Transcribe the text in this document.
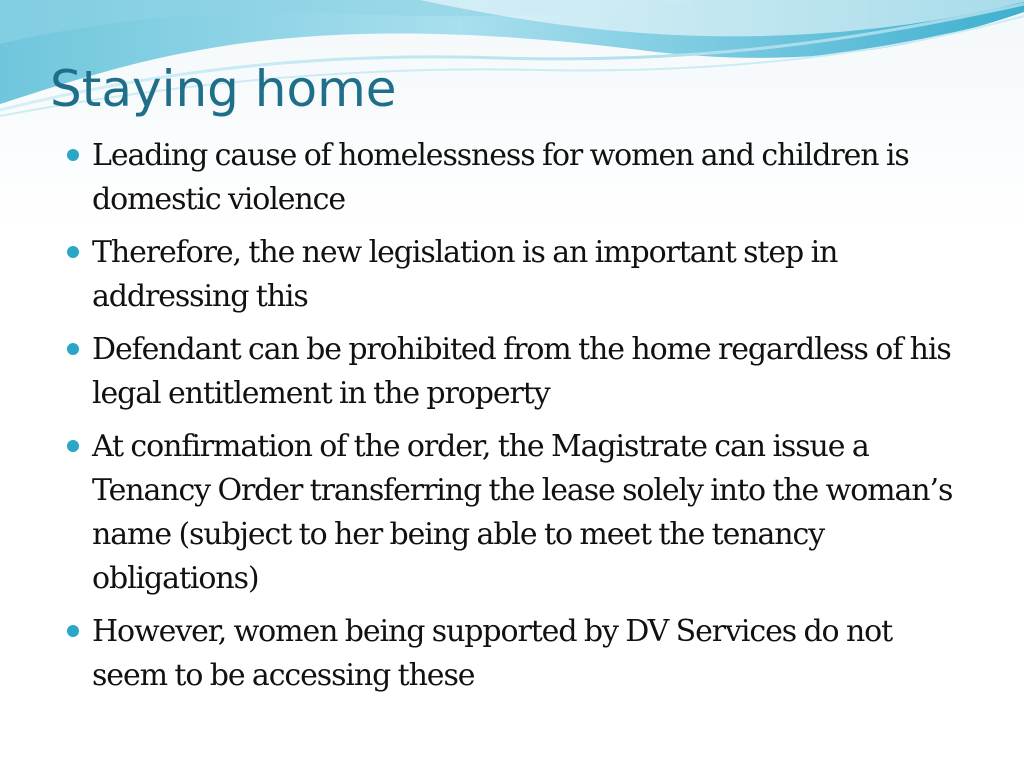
Staying home
Leading cause of homelessness for women and children is domestic violence
Therefore, the new legislation is an important step in addressing this
Defendant can be prohibited from the home regardless of his legal entitlement in the property
At confirmation of the order, the Magistrate can issue a Tenancy Order transferring the lease solely into the woman’s name (subject to her being able to meet the tenancy obligations)
However, women being supported by DV Services do not seem to be accessing these
